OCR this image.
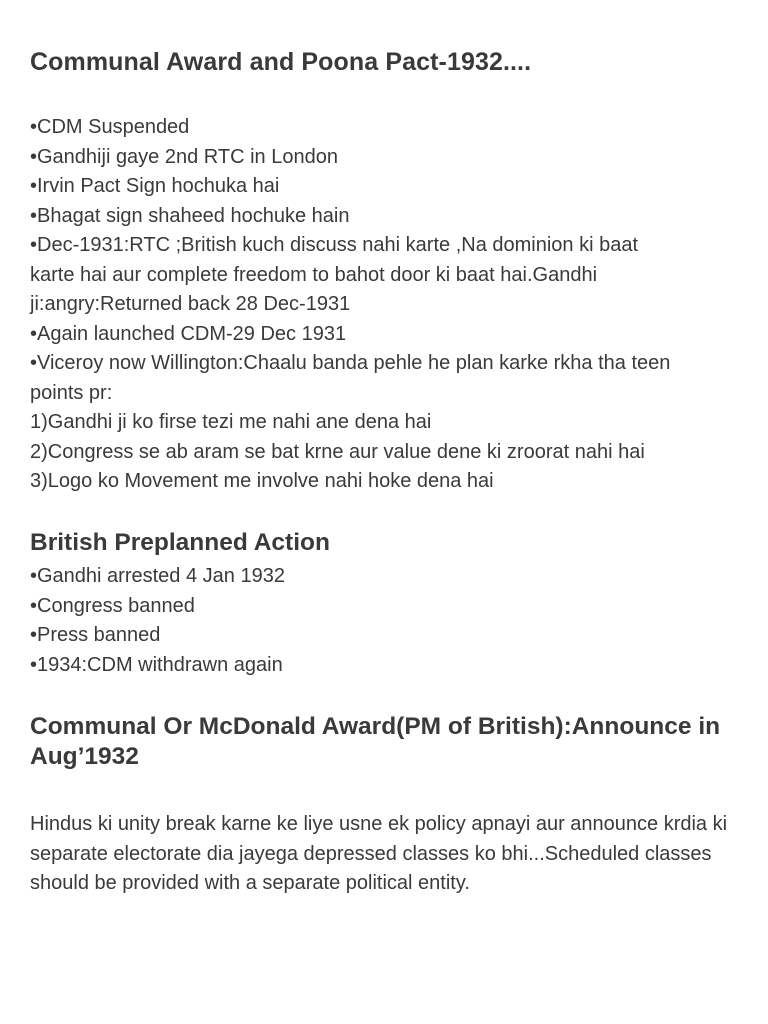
Communal Award and Poona Pact-1932....
•CDM Suspended
•Gandhiji gaye 2nd RTC in London
•Irvin Pact Sign hochuka hai
•Bhagat sign shaheed hochuke hain
•Dec-1931:RTC ;British kuch discuss nahi karte ,Na dominion ki baat
karte hai aur complete freedom to bahot door ki baat hai.Gandhi
ji:angry:Returned back 28 Dec-1931
•Again launched CDM-29 Dec 1931
•Viceroy now Willington:Chaalu banda pehle he plan karke rkha tha teen
points pr:
1)Gandhi ji ko firse tezi me nahi ane dena hai
2)Congress se ab aram se bat krne aur value dene ki zroorat nahi hai
3)Logo ko Movement me involve nahi hoke dena hai
British Preplanned Action
•Gandhi arrested 4 Jan 1932
•Congress banned
•Press banned
•1934:CDM withdrawn again
Communal Or McDonald Award(PM of British):Announce in Aug’1932

Hindus ki unity break karne ke liye usne ek policy apnayi aur announce krdia ki separate electorate dia jayega depressed classes ko bhi...Scheduled classes should be provided with a separate political entity.
